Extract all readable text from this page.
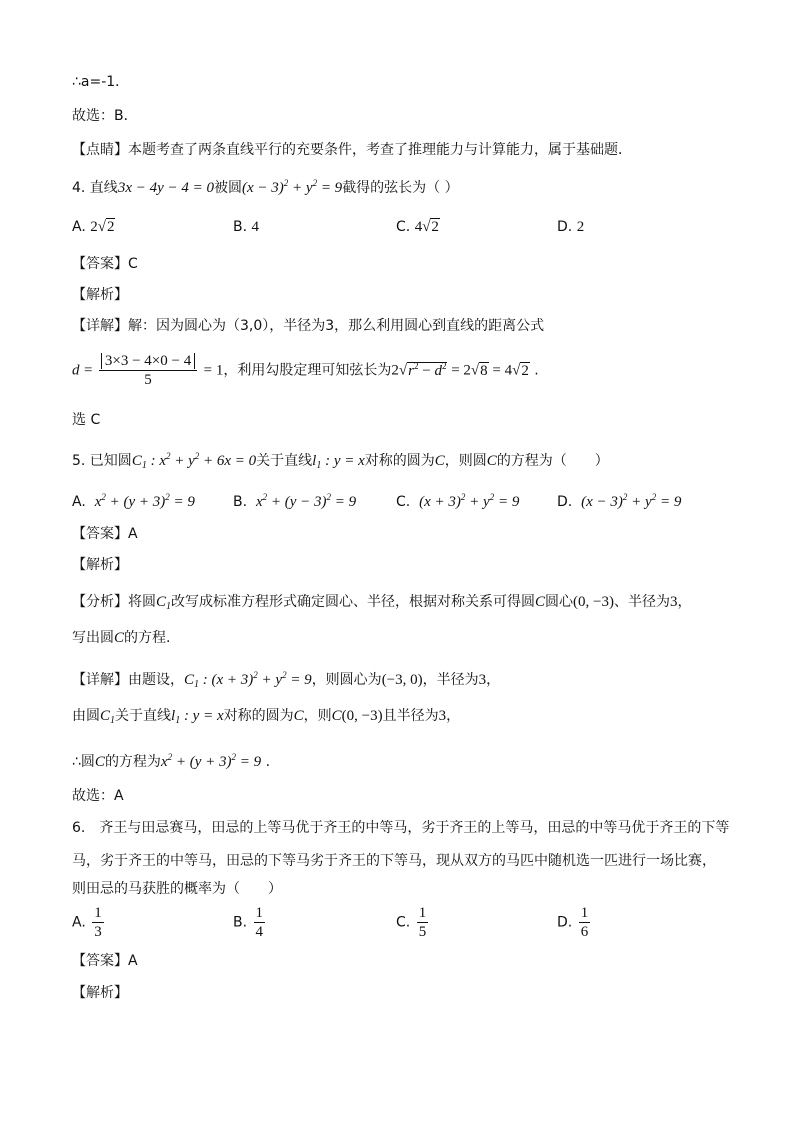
∴a=-1．
故选：B．
【点睛】本题考查了两条直线平行的充要条件，考查了推理能力与计算能力，属于基础题．
4. 直线3x − 4y − 4 = 0被圆$(x - 3)^2 + y^2 = 9$截得的弦长为（ ）
A. 2√2	B. 4	C. 4√2	D. 2
【答案】C
【解析】
【详解】解：因为圆心为（3,0），半径为3，那么利用圆心到直线的距离公式
$d = \frac{3\times 3 - 4\times 0 - 4}{5} = 1$，利用勾股定理可知弦长为$2√r^2 - d^2 = 2√8 = 4√2$ .
选 C
5. 已知圆$C_1$ : $x^2 + y^2 + 6x = 0$关于直线$l_1$ : y = x对称的圆为C，则圆C的方程为（　　）
A.  $x^2 + (y + 3)^2 = 9$	B.  $x^2 + (y - 3)^2 = 9$	C.  $(x + 3)^2 + y^2 = 9$	D.  $(x - 3)^2 + y^2 = 9$
【答案】A
【解析】
【分析】将圆$C_1$改写成标准方程形式确定圆心、半径，根据对称关系可得圆C圆心(0, −3)、半径为3，
写出圆C的方程.
【详解】由题设，$C_1$ : $(x + 3)^2 + y^2 = 9$，则圆心为(−3, 0)，半径为3，
由圆$C_1$关于直线$l_1$ : y = x对称的圆为C，则C(0, −3)且半径为3，
∴圆C的方程为$x^2 + (y + 3)^2 = 9$ .
故选：A
6.　齐王与田忌赛马，田忌的上等马优于齐王的中等马，劣于齐王的上等马，田忌的中等马优于齐王的下等
马，劣于齐王的中等马，田忌的下等马劣于齐王的下等马，现从双方的马匹中随机选一匹进行一场比赛，
则田忌的马获胜的概率为（　　）
A. $\frac{1}{3}$	B. $\frac{1}{4}$	C. $\frac{1}{5}$	D. $\frac{1}{6}$
【答案】A
【解析】
